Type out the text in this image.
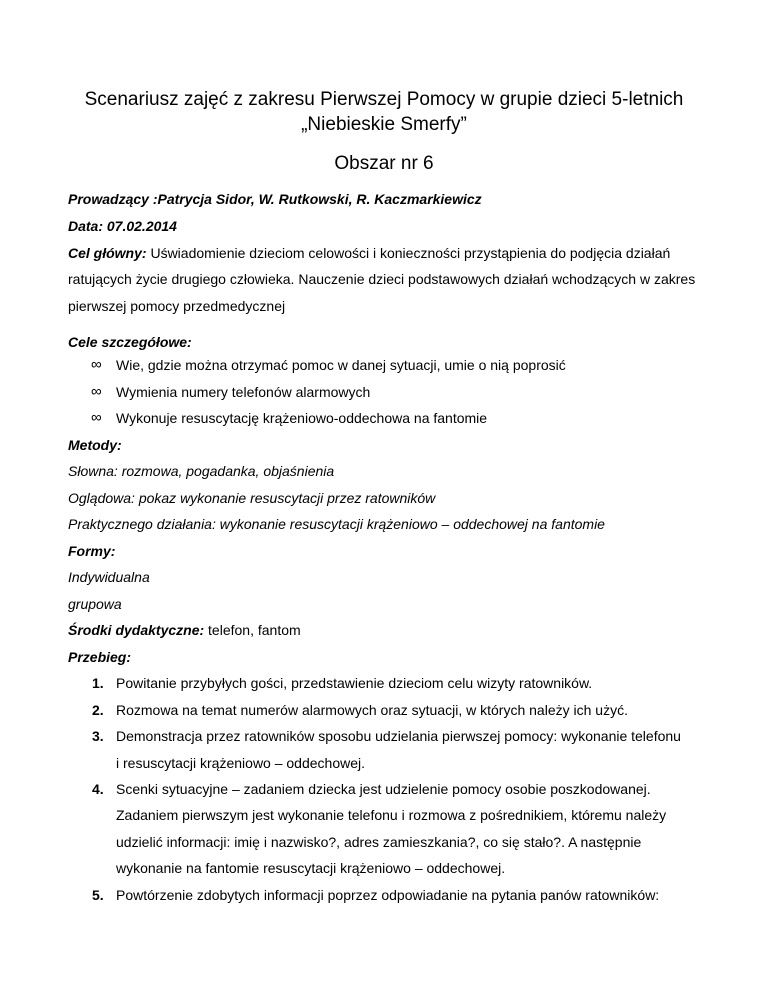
Scenariusz zajęć z zakresu Pierwszej Pomocy w grupie dzieci 5-letnich
„Niebieskie Smerfy”
Obszar nr 6
Prowadzący :Patrycja Sidor, W. Rutkowski, R. Kaczmarkiewicz
Data: 07.02.2014
Cel główny: Uświadomienie dzieciom celowości i konieczności przystąpienia do podjęcia działań
ratujących życie drugiego człowieka. Nauczenie dzieci podstawowych działań wchodzących w zakres
pierwszej pomocy przedmedycznej
Cele szczegółowe:
∞ Wie, gdzie można otrzymać pomoc w danej sytuacji, umie o nią poprosić
∞ Wymienia numery telefonów alarmowych
∞ Wykonuje resuscytację krążeniowo-oddechowa na fantomie
Metody:
Słowna: rozmowa, pogadanka, objaśnienia
Oglądowa: pokaz wykonanie resuscytacji przez ratowników
Praktycznego działania: wykonanie resuscytacji krążeniowo – oddechowej na fantomie
Formy:
Indywidualna
grupowa
Środki dydaktyczne: telefon, fantom
Przebieg:
1. Powitanie przybyłych gości, przedstawienie dzieciom celu wizyty ratowników.
2. Rozmowa na temat numerów alarmowych oraz sytuacji, w których należy ich użyć.
3. Demonstracja przez ratowników sposobu udzielania pierwszej pomocy: wykonanie telefonu
i resuscytacji krążeniowo – oddechowej.
4. Scenki sytuacyjne – zadaniem dziecka jest udzielenie pomocy osobie poszkodowanej.
Zadaniem pierwszym jest wykonanie telefonu i rozmowa z pośrednikiem, któremu należy
udzielić informacji: imię i nazwisko?, adres zamieszkania?, co się stało?. A następnie
wykonanie na fantomie resuscytacji krążeniowo – oddechowej.
5. Powtórzenie zdobytych informacji poprzez odpowiadanie na pytania panów ratowników:
